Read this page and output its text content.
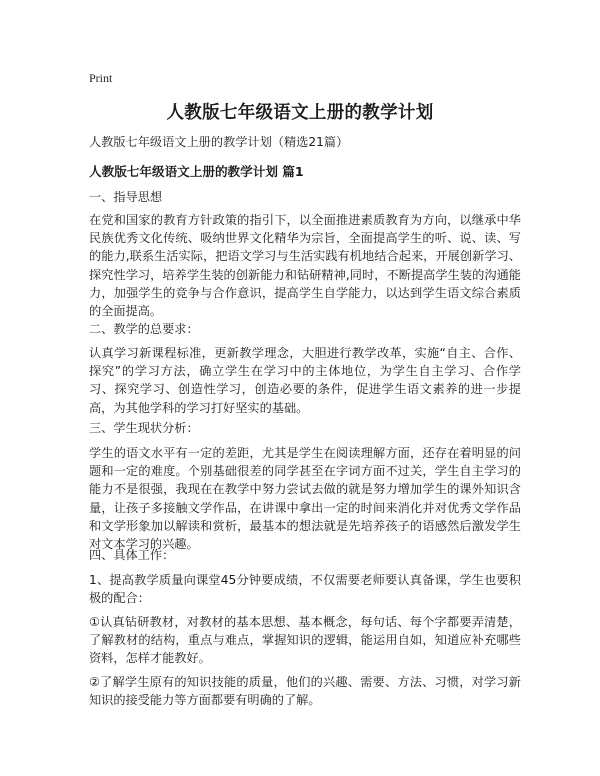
Print
人教版七年级语文上册的教学计划
人教版七年级语文上册的教学计划（精选21篇）
人教版七年级语文上册的教学计划 篇1
一、指导思想
在党和国家的教育方针政策的指引下，以全面推进素质教育为方向，以继承中华民族优秀文化传统、吸纳世界文化精华为宗旨，全面提高学生的听、说、读、写的能力,联系生活实际，把语文学习与生活实践有机地结合起来，开展创新学习、探究性学习，培养学生装的创新能力和钻研精神,同时，不断提高学生装的沟通能力，加强学生的竞争与合作意识，提高学生自学能力，以达到学生语文综合素质的全面提高。
二、教学的总要求：
认真学习新课程标准，更新教学理念，大胆进行教学改革，实施“自主、合作、探究”的学习方法，确立学生在学习中的主体地位，为学生自主学习、合作学习、探究学习、创造性学习，创造必要的条件，促进学生语文素养的进一步提高，为其他学科的学习打好坚实的基础。
三、学生现状分析：
学生的语文水平有一定的差距，尤其是学生在阅读理解方面，还存在着明显的问题和一定的难度。个别基础很差的同学甚至在字词方面不过关，学生自主学习的能力不是很强，我现在在教学中努力尝试去做的就是努力增加学生的课外知识含量，让孩子多接触文学作品，在讲课中拿出一定的时间来消化并对优秀文学作品和文学形象加以解读和赏析，最基本的想法就是先培养孩子的语感然后激发学生对文本学习的兴趣。
四、具体工作：
1、提高教学质量向课堂45分钟要成绩，不仅需要老师要认真备课，学生也要积极的配合：
①认真钻研教材，对教材的基本思想、基本概念，每句话、每个字都要弄清楚，了解教材的结构，重点与难点，掌握知识的逻辑，能运用自如，知道应补充哪些资料，怎样才能教好。
②了解学生原有的知识技能的质量，他们的兴趣、需要、方法、习惯，对学习新知识的接受能力等方面都要有明确的了解。
